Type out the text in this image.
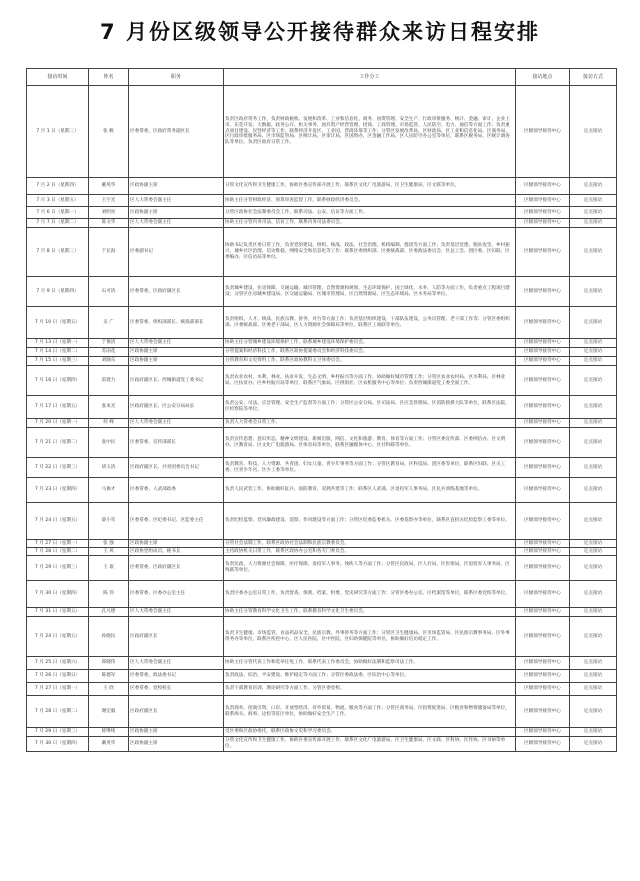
7 月份区级领导公开接待群众来访日程安排
接访时间	姓名	职务	工作分工	接访地点	接访方式
7 月 1 日（星期三）	张 帆	区委常委、区政府常务副区长	负责区政府常务工作，负责财政税收、发展和改革、工业和信息化、商务、国资管理、安全生产、行政审批服务、统计、金融、审计、企业上市、东莞开发、大数据、政务公开、机关事务、国有资产经营管理、招商、工商管理、市场监管、人民防空、电力、通信等方面工作；负责重点项目建设、民营经济等工作，联系经济开发区、工业园、营商环境等工作；分管区发展改革局、区财政局、区工业和信息化局、区商务局、区行政审批服务局、区市场监管局、区统计局、区审计局、区国资办、区金融工作局、区人民防空办公室等单位，联系区税务局、区统计调查队等单位。负责区政府日常工作。	区级领导接待中心	定点接访
7 月 2 日（星期四）	戴英华	区政协副主席	分管文化宣传和卫生健康工作，协助区委宣传部开展工作，联系区文化广电旅游局、区卫生健康局、区文联等单位。	区级领导接待中心	定点接访
7 月 3 日（星期五）	王宇光	区人大常委会副主任	协助主任分管财政经济、预算审查监督工作，联系财政经济委员会。	区级领导接待中心	定点接访
7 月 6 日（星期一）	刘明亮	区政协副主席	分管区政协社会法制委员会工作，联系司法、公安、信访等方面工作。	区级领导接待中心	定点接访
7 月 7 日（星期二）	陈文华	区人大常委会副主任	协助主任分管内务司法、信访工作，联系内务司法委员会。	区级领导接待中心	定点接访
7 月 8 日（星期三）	于长海	区委副书记	协助书记负责区委日常工作，负责党的建设、组织、统战、政法、社会治理、机构编制、群团等方面工作；负责基层党建、脱贫攻坚、乡村振兴、城乡社区治理、信访维稳、网络安全和信息化等工作；联系区委组织部、区委统战部、区委政法委员会、区总工会、团区委、区妇联、区委编办、区信访局等单位。	区级领导接待中心	定点接访
7 月 9 日（星期四）	石可清	区委常委、区政府副区长	负责城乡建设、住房保障、交通运输、城市管理、自然资源和规划、生态环境保护、国土绿化、水务、人防等方面工作，负责重点工程项目建设；分管区住房城乡建设局、区交通运输局、区城市管理局、区自然资源局、区生态环境局、区水务局等单位。	区级领导接待中心	定点接访
7 月 10 日（星期五）	吴 广	区委常委、组织部部长、统战部部长	负责组织、人才、统战、民族宗教、侨务、对台等方面工作；负责基层组织建设、干部队伍建设、公务员管理、老干部工作等；分管区委组织部、区委统战部、区委老干部局、区人力资源社会保障局等单位，联系区工商联等单位。	区级领导接待中心	定点接访
7 月 13 日（星期一）	于俊清	区人大常委会副主任	协助主任分管城乡建设环境保护工作，联系城乡建设环境保护委员会。	区级领导接待中心	定点接访
7 月 14 日（星期二）	苏雨花	区政协副主席	分管提案和经济科技工作，联系区政协提案委员会和经济科技委员会。	区级领导接待中心	定点接访
7 月 15 日（星期三）	刘晓东	区政协副主席	分管教育和文史资料工作，联系区政协教科文卫体委员会。	区级领导接待中心	定点接访
7 月 16 日（星期四）	雷建力	区政府副区长、西城街道党工委书记	负责农业农村、水利、林业、扶贫开发、生态文明、乡村振兴等方面工作，协助做好城市管理工作；分管区农业农村局、区水利局、区林业局、区扶贫办、区乡村振兴局等单位，联系区气象局、区供销社、区农机服务中心等单位；负责西城街道党工委全面工作。	区级领导接待中心	定点接访
7 月 17 日（星期五）	张本光	区政府副区长、区公安分局局长	负责公安、司法、应急管理、安全生产监督等方面工作；分管区公安分局、区司法局、区应急管理局、区消防救援大队等单位，联系区法院、区检察院等单位。	区级领导接待中心	定点接访
7 月 20 日（星期一）	何 峰	区人大常委会副主任	负责人大常委会日常工作。	区级领导接待中心	定点接访
7 月 21 日（星期二）	张中民	区委常委、宣传部部长	负责宣传思想、意识形态、精神文明建设、新闻出版、网信、文化和旅游、教育、体育等方面工作；分管区委宣传部、区委网信办、区文明办、区教育局、区文化广电旅游局、区体育局等单位，联系区融媒体中心、区社科联等单位。	区级领导接待中心	定点接访
7 月 22 日（星期三）	胡玉清	区政府副区长、共青团委员会书记	负责教育、科技、人力资源、共青团、妇女儿童、青少年事务等方面工作；分管区教育局、区科技局、团区委等单位，联系区妇联、区关工委、区青少年宫、区少工委等单位。	区级领导接待中心	定点接访
7 月 23 日（星期四）	马俊才	区委常委、人武部政委	负责人民武装工作，协助做好征兵、国防教育、双拥共建等工作；联系区人武部、区退役军人事务局、区民兵训练基地等单位。	区级领导接待中心	定点接访
7 月 24 日（星期五）	薛小军	区委常委、区纪委书记、区监委主任	负责纪检监察、党风廉政建设、巡察、作风建设等方面工作；分管区纪委监委机关、区委巡察办等单位，联系区直机关纪检监察工委等单位。	区级领导接待中心	定点接访
7 月 27 日（星期一）	张 强	区政协副主席	分管社会法制工作，联系区政协社会法制和民族宗教委员会。	区级领导接待中心	定点接访
7 月 28 日（星期二）	王 风	区政协党组成员、秘书长	主持政协机关日常工作，联系区政协办公室和各专门委员会。	区级领导接待中心	定点接访
7 月 29 日（星期三）	王 珉	区委常委、区政府副区长	负责民政、人力资源社会保障、医疗保障、退役军人事务、残疾人等方面工作；分管区民政局、区人社局、区医保局、区退役军人事务局、区残联等单位。	区级领导接待中心	定点接访
7 月 30 日（星期四）	陈 伟	区委常委、区委办公室主任	负责区委办公室日常工作，负责督查、保密、档案、机要、党史研究等方面工作；分管区委办公室、区档案馆等单位，联系区委党校等单位。	区级领导接待中心	定点接访
7 月 31 日（星期五）	孔凡德	区人大常委会副主任	协助主任分管教育科学文化卫生工作，联系教育科学文化卫生委员会。	区级领导接待中心	定点接访
7 月 24 日（星期五）	孙晓民	区政府副区长	负责卫生健康、市场监管、食品药品安全、民族宗教、外事侨务等方面工作；分管区卫生健康局、区市场监管局、区民族宗教事务局、区外事侨务办等单位，联系区疾控中心、区人民医院、区中医院、区妇幼保健院等单位，协助做好信访稳定工作。	区级领导接待中心	定点接访
7 月 25 日（星期六）	郑晓伟	区人大常委会副主任	协助主任分管代表工作和选举任免工作，联系代表工作委员会，协助做好法制和监察司法工作。	区级领导接待中心	定点接访
7 月 26 日（星期日）	陈德军	区委常委、政法委书记	负责政法、综治、平安建设、维护稳定等方面工作；分管区委政法委、区综治中心等单位。	区级领导接待中心	定点接访
7 月 27 日（星期一）	王 欣	区委常委、党校校长	负责干部教育培训、理论研究等方面工作，分管区委党校。	区级领导接待中心	定点接访
7 月 28 日（星期二）	谢宏毅	区政府副区长	负责商务、招商引资、口岸、开放型经济、对外贸易、物流、粮食等方面工作；分管区商务局、区投资促进局、区粮食和物资储备局等单位，联系海关、海事、边检等驻区单位，协助做好安全生产工作。	区级领导接待中心	定点接访
7 月 29 日（星期三）	韩继续	区政协副主席	受区委和区政协委托，联系区政协文史和学习委员会。	区级领导接待中心	定点接访
7 月 30 日（星期四）	戴英华	区政协副主席	分管文化宣传和卫生健康工作，协助区委宣传部开展工作，联系区文化广电旅游局、区卫生健康局、区文联、区科协、区作协、区书协等单位。	区级领导接待中心	定点接访
